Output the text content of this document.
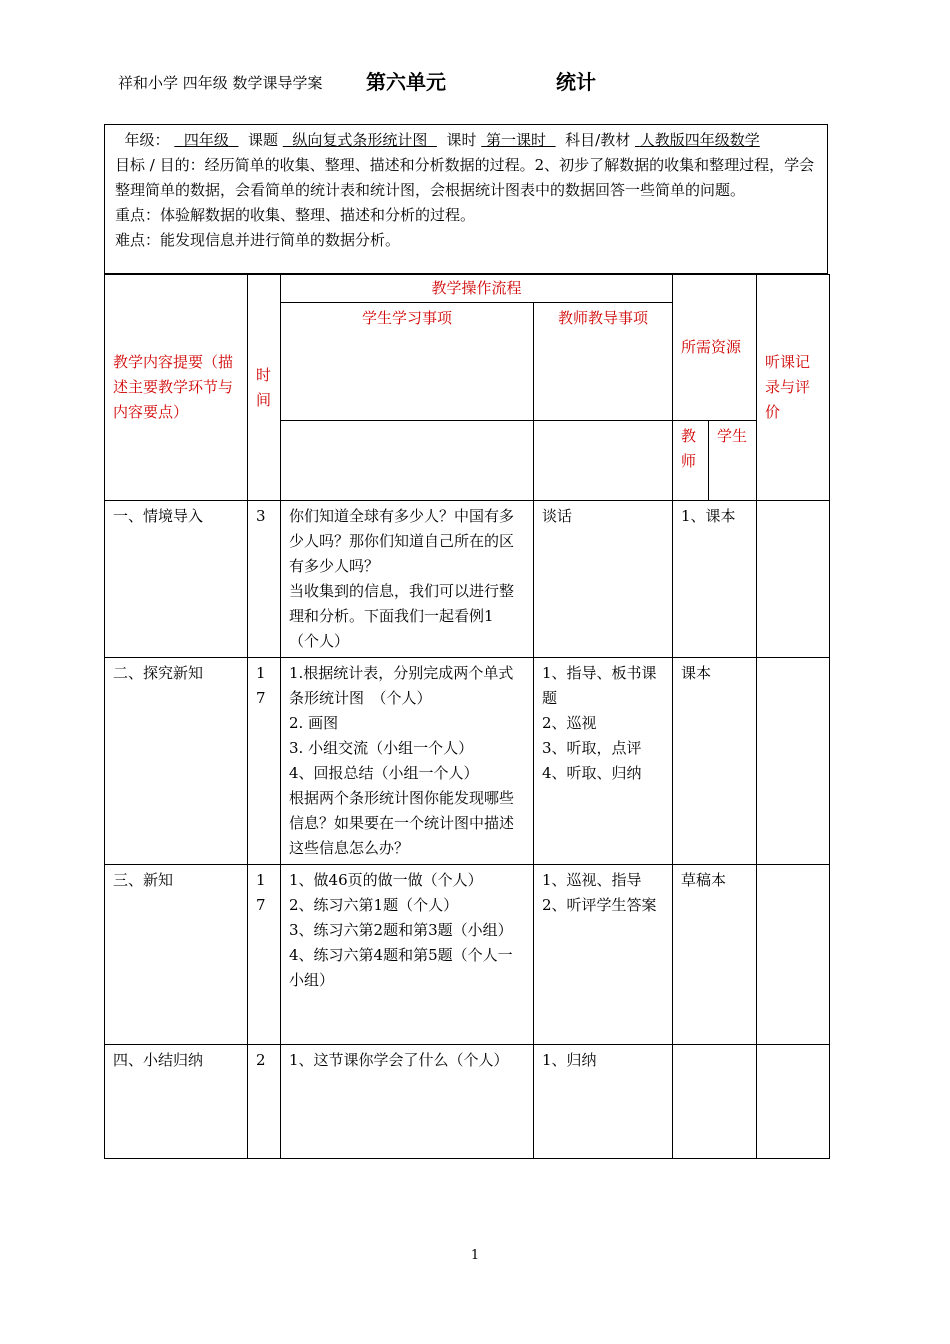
祥和小学 四年级 数学课导学案 第六单元	统计

年级： 四年级 课题 纵向复式条形统计图 课时 第一课时 科目/教材 人教版四年级数学

目标 / 目的：经历简单的收集、整理、描述和分析数据的过程。2、初步了解数据的收集和整理过程，学会整理简单的数据，会看简单的统计表和统计图，会根据统计图表中的数据回答一些简单的问题。

重点：体验解数据的收集、整理、描述和分析的过程。

难点：能发现信息并进行简单的数据分析。

教学内容提要（描述主要教学环节与内容要点）	时间	教学操作流程		所需资源		听课记录与评价
		学生学习事项	教师教导事项			
				教师	学生	
一、情境导入	3	你们知道全球有多少人？中国有多少人吗？那你们知道自己所在的区有多少人吗？
当收集到的信息，我们可以进行整理和分析。下面我们一起看例1 （个人）	谈话	1、课本		
二、探究新知	17	1.根据统计表，分别完成两个单式条形统计图　（个人）
2. 画图
3. 小组交流（小组一个人）
4、回报总结（小组一个人）
根据两个条形统计图你能发现哪些信息？如果要在一个统计图中描述这些信息怎么办？	1、指导、板书课题
2、巡视
3、听取，点评
4、听取、归纳	课本		
三、新知	17	1、做46页的做一做（个人）
2、练习六第1题（个人）
3、练习六第2题和第3题（小组）
4、练习六第4题和第5题（个人一小组）	1、巡视、指导
2、听评学生答案	草稿本		
四、小结归纳	2	1、这节课你学会了什么（个人）	1、归纳			
1
